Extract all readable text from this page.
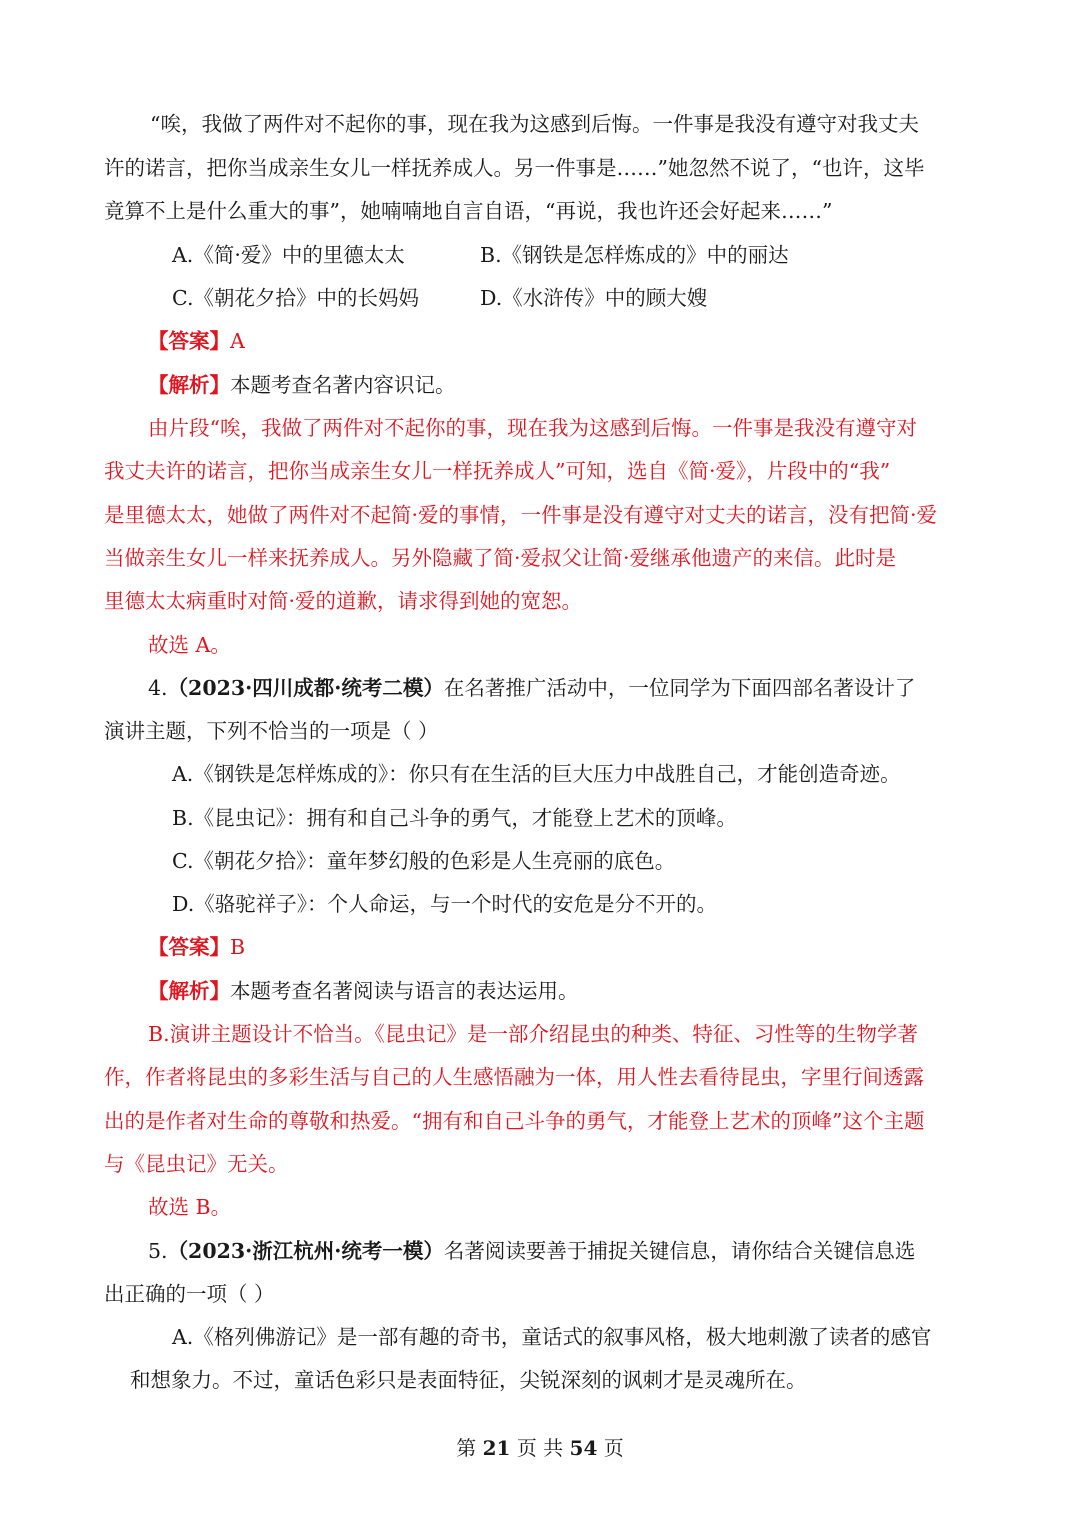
“唉，我做了两件对不起你的事，现在我为这感到后悔。一件事是我没有遵守对我丈夫
许的诺言，把你当成亲生女儿一样抚养成人。另一件事是……”她忽然不说了，“也许，这毕
竟算不上是什么重大的事”，她喃喃地自言自语，“再说，我也许还会好起来……”
A.《简·爱》中的里德太太	B.《钢铁是怎样炼成的》中的丽达
C.《朝花夕拾》中的长妈妈	D.《水浒传》中的顾大嫂
【答案】A
【解析】本题考查名著内容识记。
由片段“唉，我做了两件对不起你的事，现在我为这感到后悔。一件事是我没有遵守对
我丈夫许的诺言，把你当成亲生女儿一样抚养成人”可知，选自《简·爱》，片段中的“我”
是里德太太，她做了两件对不起简·爱的事情，一件事是没有遵守对丈夫的诺言，没有把简·爱
当做亲生女儿一样来抚养成人。另外隐藏了简·爱叔父让简·爱继承他遗产的来信。此时是
里德太太病重时对简·爱的道歉，请求得到她的宽恕。
故选 A。
4.（2023·四川成都·统考二模）在名著推广活动中，一位同学为下面四部名著设计了
演讲主题，下列不恰当的一项是（ ）
A.《钢铁是怎样炼成的》：你只有在生活的巨大压力中战胜自己，才能创造奇迹。
B.《昆虫记》：拥有和自己斗争的勇气，才能登上艺术的顶峰。
C.《朝花夕拾》：童年梦幻般的色彩是人生亮丽的底色。
D.《骆驼祥子》：个人命运，与一个时代的安危是分不开的。
【答案】B
【解析】本题考查名著阅读与语言的表达运用。
B.演讲主题设计不恰当。《昆虫记》是一部介绍昆虫的种类、特征、习性等的生物学著
作，作者将昆虫的多彩生活与自己的人生感悟融为一体，用人性去看待昆虫，字里行间透露
出的是作者对生命的尊敬和热爱。“拥有和自己斗争的勇气，才能登上艺术的顶峰”这个主题
与《昆虫记》无关。
故选 B。
5.（2023·浙江杭州·统考一模）名著阅读要善于捕捉关键信息，请你结合关键信息选
出正确的一项（ ）
A.《格列佛游记》是一部有趣的奇书，童话式的叙事风格，极大地刺激了读者的感官
和想象力。不过，童话色彩只是表面特征，尖锐深刻的讽刺才是灵魂所在。
第 21 页 共 54 页
